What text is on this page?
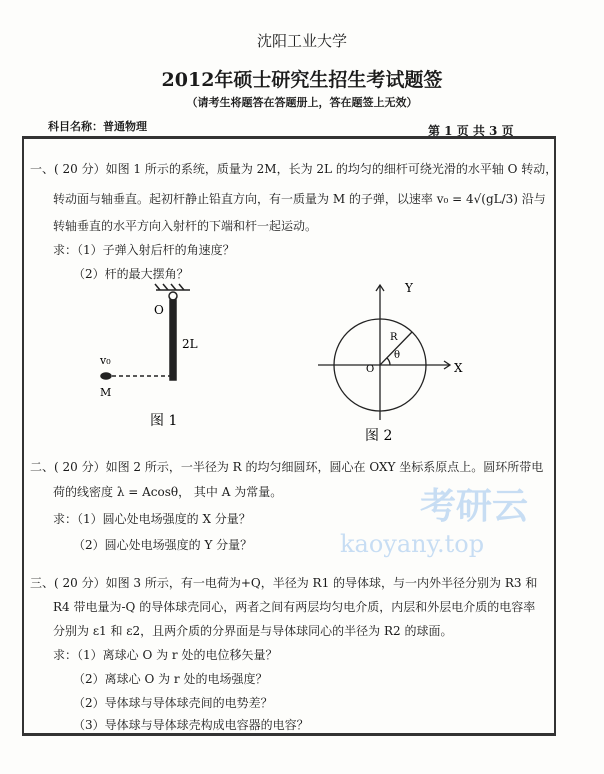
沈阳工业大学
2012年硕士研究生招生考试题签
（请考生将题答在答题册上，答在题签上无效）
科目名称：普通物理	第 1 页 共 3 页
一、( 20 分）如图 1 所示的系统，质量为 2M，长为 2L 的均匀的细杆可绕光滑的水平轴 O 转动，
转动面与轴垂直。起初杆静止铅直方向，有一质量为 M 的子弹，以速率 v₀ = 4√(gL/3) 沿与
转轴垂直的水平方向入射杆的下端和杆一起运动。
求：（1）子弹入射后杆的角速度？
（2）杆的最大摆角？
O
2L
v₀
M
图 1
Y
X
O
R
θ
图 2
二、( 20 分）如图 2 所示，一半径为 R 的均匀细圆环，圆心在 OXY 坐标系原点上。圆环所带电
荷的线密度 λ = Acosθ， 其中 A 为常量。
求：（1）圆心处电场强度的 X 分量？
（2）圆心处电场强度的 Y 分量？
三、( 20 分）如图 3 所示，有一电荷为+Q，半径为 R1 的导体球，与一内外半径分别为 R3 和
R4 带电量为-Q 的导体球壳同心，两者之间有两层均匀电介质，内层和外层电介质的电容率
分别为 ε1 和 ε2，且两介质的分界面是与导体球同心的半径为 R2 的球面。
求：（1）离球心 O 为 r 处的电位移矢量？
（2）离球心 O 为 r 处的电场强度？
（2）导体球与导体球壳间的电势差？
（3）导体球与导体球壳构成电容器的电容？
考研云
kaoyany.top
